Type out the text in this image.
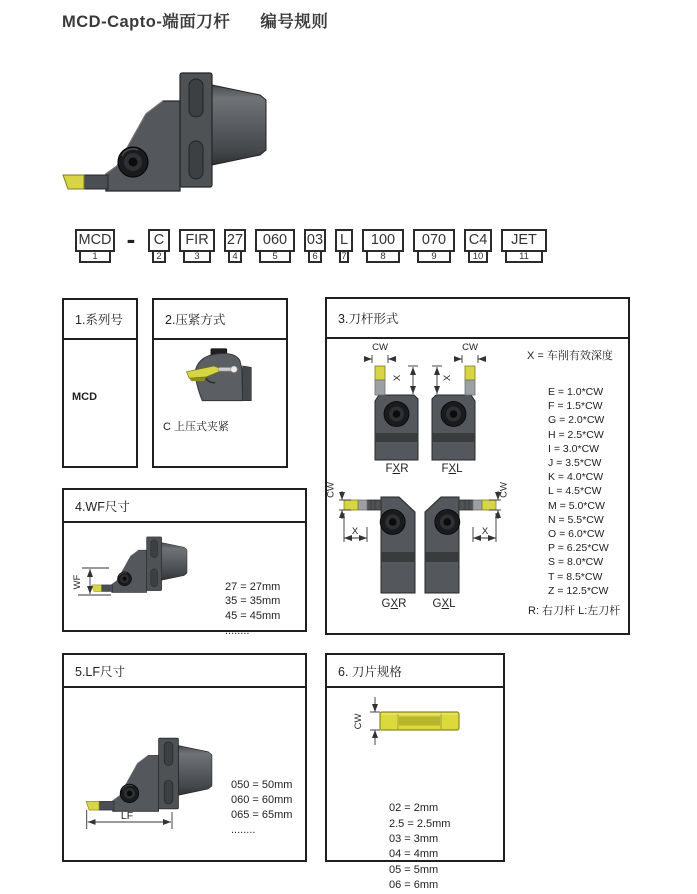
MCD-Capto-端面刀杆 编号规则
MCD
1
C
2
FIR
3
27
4
060
5
03
6
L
7
100
8
070
9
C4
10
JET
11
-
1.系列号
MCD
2.压紧方式
C 上压式夹紧
3.刀杆形式
CW	CW
X	X
CW	CW
X	X
FXR	FXL
GXR GXL
X = 车削有效深度
E = 1.0*CW
F = 1.5*CW
G = 2.0*CW
H = 2.5*CW
I = 3.0*CW
J = 3.5*CW
K = 4.0*CW
L = 4.5*CW
M = 5.0*CW
N = 5.5*CW
O = 6.0*CW
P = 6.25*CW
S = 8.0*CW
T = 8.5*CW
Z = 12.5*CW
R: 右刀杆 L:左刀杆
4.WF尺寸
WF

	27 = 27mm
35 = 35mm
45 = 45mm
........
5.LF尺寸
LF

050 = 50mm
060 = 60mm
065 = 65mm
........
6. 刀片规格
CW

02 = 2mm
2.5 = 2.5mm
03 = 3mm
04 = 4mm
05 = 5mm
06 = 6mm
